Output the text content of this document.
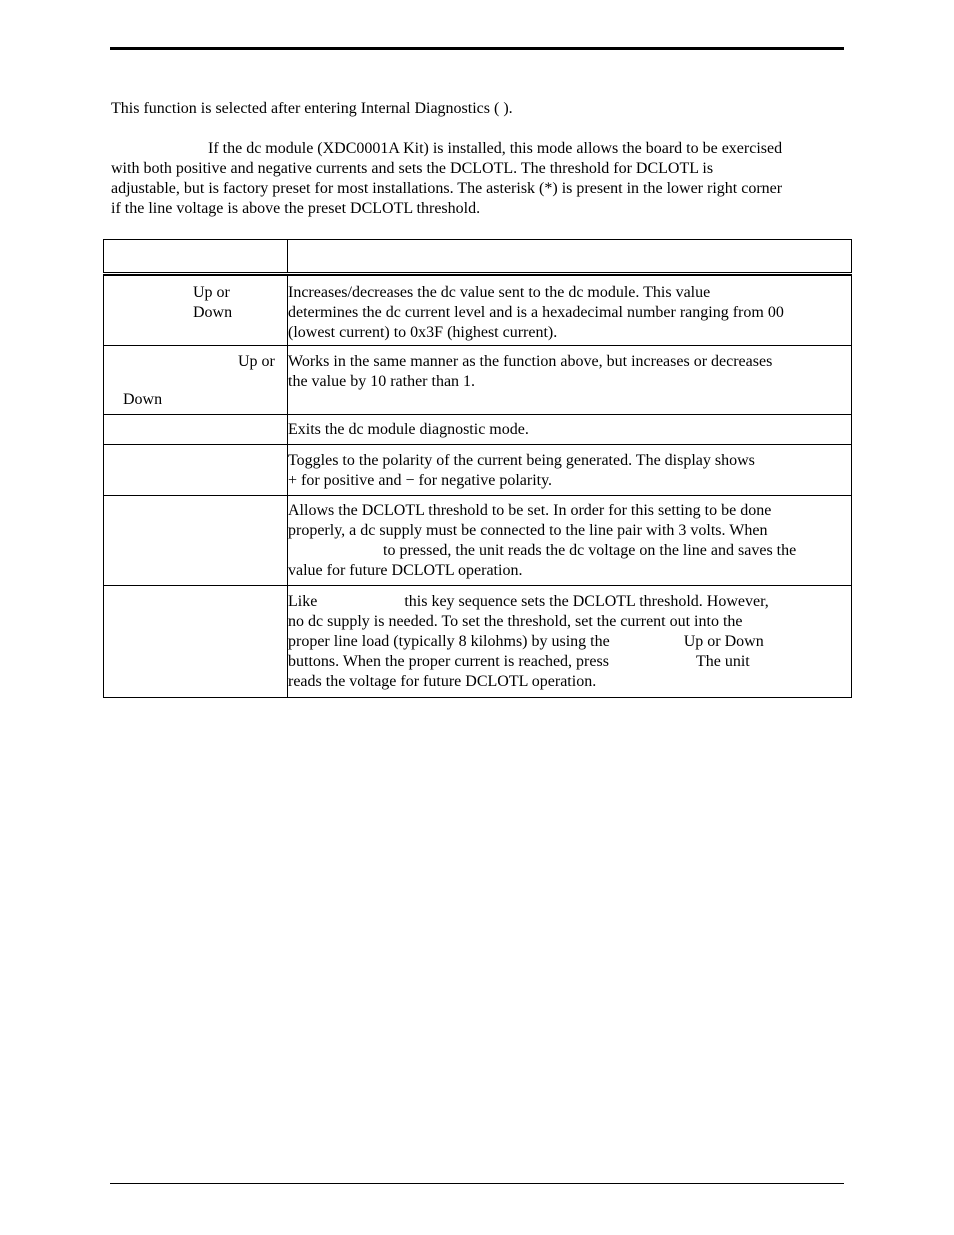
This function is selected after entering Internal Diagnostics ( ).

If the dc module (XDC0001A Kit) is installed, this mode allows the board to be exercised
with both positive and negative currents and sets the DCLOTL. The threshold for DCLOTL is
adjustable, but is factory preset for most installations. The asterisk (*) is present in the lower right corner
if the line voltage is above the preset DCLOTL threshold.

Up or
Down	Increases/decreases the dc value sent to the dc module. This value
determines the dc current level and is a hexadecimal number ranging from 00
(lowest current) to 0x3F (highest current).

Up or
Down	Works in the same manner as the function above, but increases or decreases
the value by 10 rather than 1.

	Exits the dc module diagnostic mode.

	Toggles to the polarity of the current being generated. The display shows
+ for positive and − for negative polarity.

	Allows the DCLOTL threshold to be set. In order for this setting to be done
properly, a dc supply must be connected to the line pair with 3 volts. When
to pressed, the unit reads the dc voltage on the line and saves the
value for future DCLOTL operation.

	Like this key sequence sets the DCLOTL threshold. However,
no dc supply is needed. To set the threshold, set the current out into the
proper line load (typically 8 kilohms) by using the Up or Down
buttons. When the proper current is reached, press The unit
reads the voltage for future DCLOTL operation.
